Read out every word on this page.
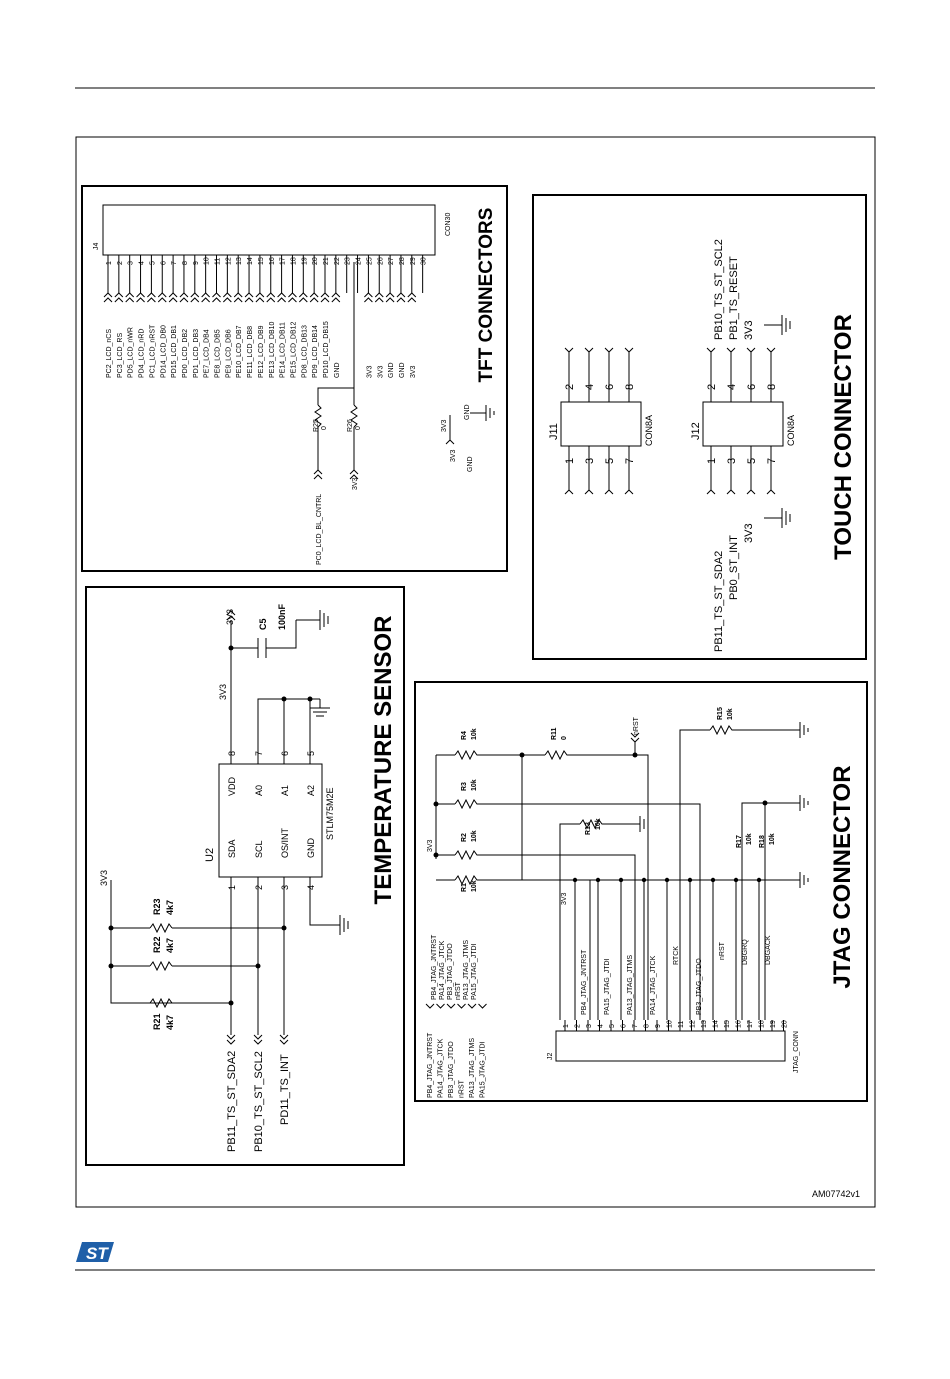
ST
AM07742v1
TFT CONNECTORS
TOUCH CONNECTOR
TEMPERATURE SENSOR	JTAG CONNECTOR
J4
CON30
1
PC2_LCD_nCS
2
PC3_LCD_RS
3
PD5_LCD_nWR
4
PD4_LCD_nRD
5
PC1_LCD_nRST
6
PD14_LCD_DB0
7
PD15_LCD_DB1
8
PD0_LCD_DB2
9
PD1_LCD_DB3
10
PE7_LCD_DB4
11
PE8_LCD_DB5
12
PE9_LCD_DB6
13
PE10_LCD_DB7
14
PE11_LCD_DB8
15
PE12_LCD_DB9
16
PE13_LCD_DB10
17
PE14_LCD_DB11
18
PE15_LCD_DB12
19
PD8_LCD_DB13
20
PD9_LCD_DB14
21
PD10_LCD_DB15
22
GND
23 24 25
3V3
26
3V3
27
GND
28
GND
29
3V3
30
R25 0	R26 0
PC0_LCD_BL_CNTRL
3V3
3V3
3V3
GND
GND
J11	CON8A
1 3 5 7
2 4 6 8
J12	CON8A
1 3 5 7
2 4 6 8
PB11_TS_ST_SDA2 PB0_ST_INT
3V3
PB10_TS_ST_SCL2 PB1_TS_RESET 3V3
U2
STLM75M2E
1
SDA
2
SCL
3
OS/INT
4
GND
8
VDD
7
A0
6
A1
5
A2
3V3
C5 100nF
3V3
3V3
R23 4k7
R22 4k7
R21 4k7
PB11_TS_ST_SDA2 PB10_TS_ST_SCL2 PD11_TS_INT	J2	JTAG_CONN
1 2 3 4 5 6 7 8 9 10 11 12 13 14 15 16 17 18 19 20
PB4_JTAG_JNTRST PA15_JTAG_JTDI PA13_JTAG_JTMS PA14_JTAG_JTCK
RTCK
PB3_JTAG_JTDO
nRST DBGRQ DBGACK
3V3
PB4_JTAG_JNTRST PA14_JTAG_JTCK PB3_JTAG_JTDO nRST PA13_JTAG_JTMS PA15_JTAG_JTDI
PB4_JTAG_JNTRST PA14_JTAG_JTCK PB3_JTAG_JTDO nRST PA13_JTAG_JTMS PA15_JTAG_JTDI
3V3
R4 10k
R3 10k
R2 10k
R1 10k
R11 0
nRST
R13 10k
R15 10k
R17 10k R18 10k
